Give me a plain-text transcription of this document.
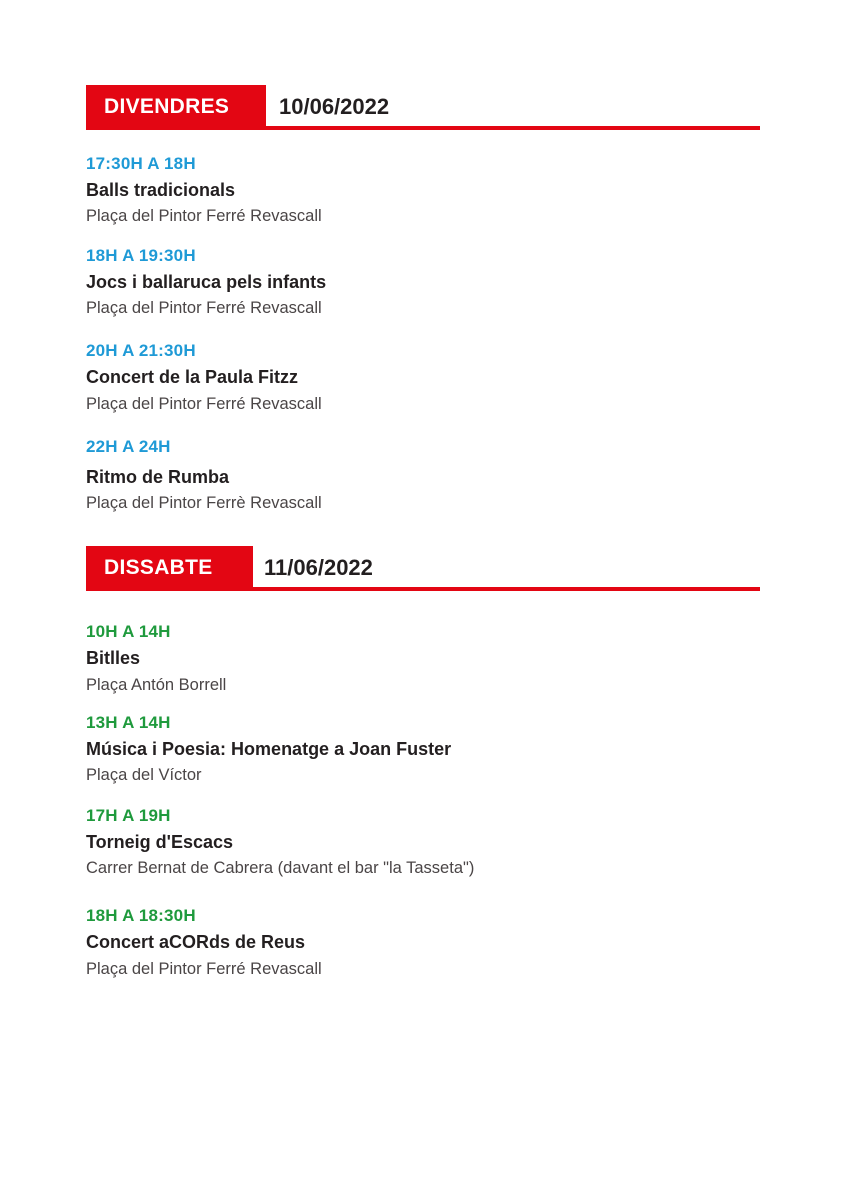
DIVENDRES	10/06/2022
17:30H A 18H
Balls tradicionals
Plaça del Pintor Ferré Revascall
18H A 19:30H
Jocs i ballaruca pels infants
Plaça del Pintor Ferré Revascall
20H A 21:30H
Concert de la Paula Fitzz
Plaça del Pintor Ferré Revascall
22H A 24H
Ritmo de Rumba
Plaça del Pintor Ferrè Revascall
DISSABTE	11/06/2022
10H A 14H
Bitlles
Plaça Antón Borrell
13H A 14H
Música i Poesia: Homenatge a Joan Fuster
Plaça del Víctor
17H A 19H
Torneig d'Escacs
Carrer Bernat de Cabrera (davant el bar "la Tasseta")
18H A 18:30H
Concert aCORds de Reus
Plaça del Pintor Ferré Revascall
